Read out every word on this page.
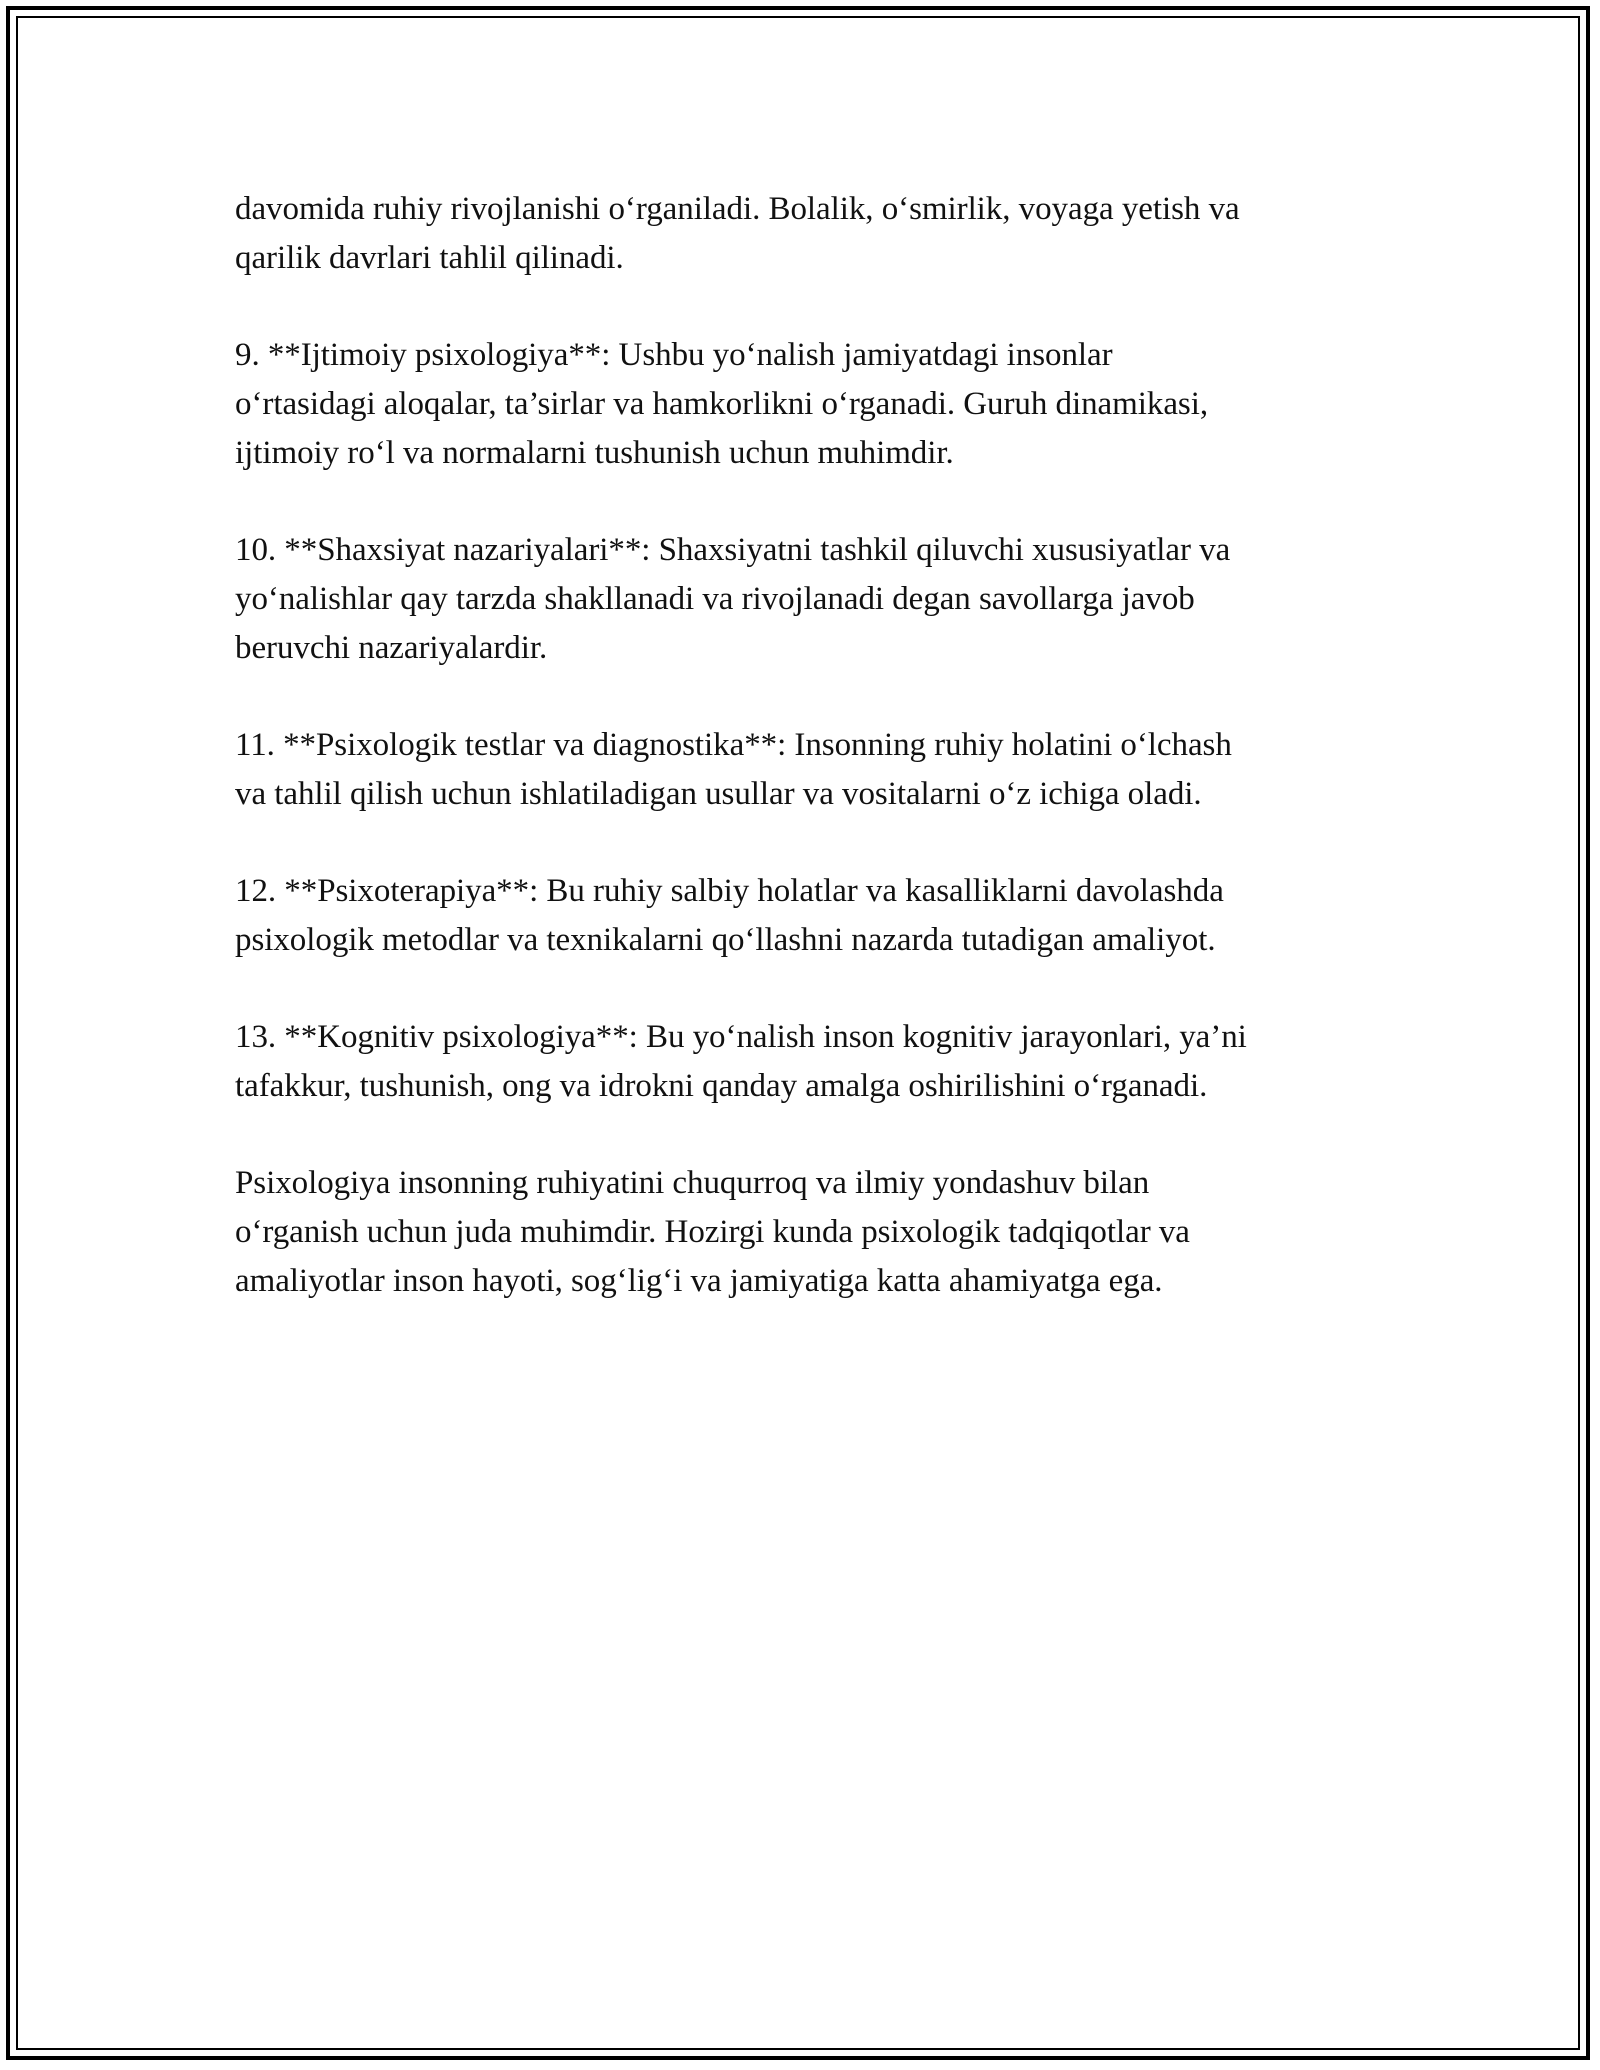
davomida ruhiy rivojlanishi o‘rganiladi. Bolalik, o‘smirlik, voyaga yetish va
qarilik davrlari tahlil qilinadi.

9. **Ijtimoiy psixologiya**: Ushbu yo‘nalish jamiyatdagi insonlar
o‘rtasidagi aloqalar, ta’sirlar va hamkorlikni o‘rganadi. Guruh dinamikasi,
ijtimoiy ro‘l va normalarni tushunish uchun muhimdir.

10. **Shaxsiyat nazariyalari**: Shaxsiyatni tashkil qiluvchi xususiyatlar va
yo‘nalishlar qay tarzda shakllanadi va rivojlanadi degan savollarga javob
beruvchi nazariyalardir.

11. **Psixologik testlar va diagnostika**: Insonning ruhiy holatini o‘lchash
va tahlil qilish uchun ishlatiladigan usullar va vositalarni o‘z ichiga oladi.

12. **Psixoterapiya**: Bu ruhiy salbiy holatlar va kasalliklarni davolashda
psixologik metodlar va texnikalarni qo‘llashni nazarda tutadigan amaliyot.

13. **Kognitiv psixologiya**: Bu yo‘nalish inson kognitiv jarayonlari, ya’ni
tafakkur, tushunish, ong va idrokni qanday amalga oshirilishini o‘rganadi.

Psixologiya insonning ruhiyatini chuqurroq va ilmiy yondashuv bilan
o‘rganish uchun juda muhimdir. Hozirgi kunda psixologik tadqiqotlar va
amaliyotlar inson hayoti, sog‘lig‘i va jamiyatiga katta ahamiyatga ega.
